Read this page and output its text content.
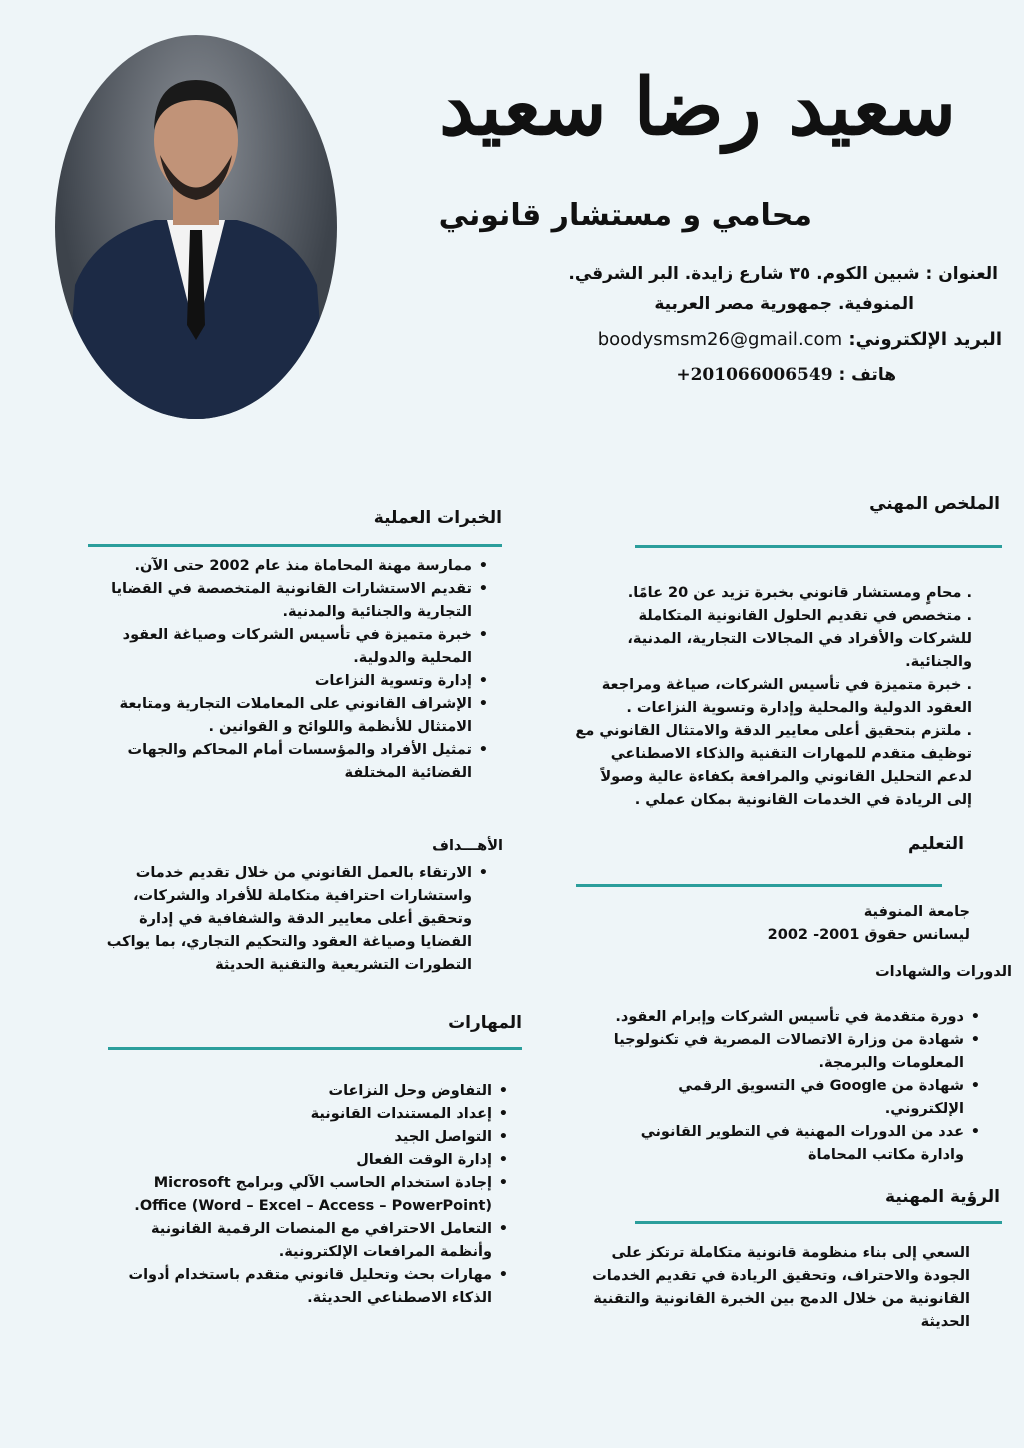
سعيد رضا سعيد
محامي و مستشار قانوني
العنوان : شبين الكوم. ٣٥ شارع زايدة. البر الشرقي.
المنوفية. جمهورية مصر العربية
البريد الإلكتروني: boodysmsm26@gmail.com
هاتف : +201066006549
الملخص المهني
. محامٍ ومستشار قانوني بخبرة تزيد عن 20 عامًا.
. متخصص في تقديم الحلول القانونية المتكاملة للشركات والأفراد في المجالات التجارية، المدنية، والجنائية.
. خبرة متميزة في تأسيس الشركات، صياغة ومراجعة العقود الدولية والمحلية وإدارة وتسوية النزاعات .
. ملتزم بتحقيق أعلى معايير الدقة والامتثال القانوني مع توظيف متقدم للمهارات التقنية والذكاء الاصطناعي لدعم التحليل القانوني والمرافعة بكفاءة عالية وصولاً إلى الريادة في الخدمات القانونية بمكان عملي .
التعليم
جامعة المنوفية
ليسانس حقوق 2001- 2002
الدورات والشهادات
• دورة متقدمة في تأسيس الشركات وإبرام العقود.
• شهادة من وزارة الاتصالات المصرية في تكنولوجيا المعلومات والبرمجة.
• شهادة من Google في التسويق الرقمي الإلكتروني.
• عدد من الدورات المهنية في التطوير القانوني وادارة مكاتب المحاماة
الرؤية المهنية
السعي إلى بناء منظومة قانونية متكاملة ترتكز على الجودة والاحتراف، وتحقيق الريادة في تقديم الخدمات القانونية من خلال الدمج بين الخبرة القانونية والتقنية الحديثة
الخبرات العملية
• ممارسة مهنة المحاماة منذ عام 2002 حتى الآن.
• تقديم الاستشارات القانونية المتخصصة في القضايا التجارية والجنائية والمدنية.
• خبرة متميزة في تأسيس الشركات وصياغة العقود المحلية والدولية.
• إدارة وتسوية النزاعات
• الإشراف القانوني على المعاملات التجارية ومتابعة الامتثال للأنظمة واللوائح و القوانين .
• تمثيل الأفراد والمؤسسات أمام المحاكم والجهات القضائية المختلفة
الأهـــداف
• الارتقاء بالعمل القانوني من خلال تقديم خدمات واستشارات احترافية متكاملة للأفراد والشركات، وتحقيق أعلى معايير الدقة والشفافية في إدارة القضايا وصياغة العقود والتحكيم التجاري، بما يواكب التطورات التشريعية والتقنية الحديثة
المهارات
• التفاوض وحل النزاعات
• إعداد المستندات القانونية
• التواصل الجيد
• إدارة الوقت الفعال
• إجادة استخدام الحاسب الآلي وبرامج Microsoft Office (Word – Excel – Access – PowerPoint).
• التعامل الاحترافي مع المنصات الرقمية القانونية وأنظمة المرافعات الإلكترونية.
• مهارات بحث وتحليل قانوني متقدم باستخدام أدوات الذكاء الاصطناعي الحديثة.
